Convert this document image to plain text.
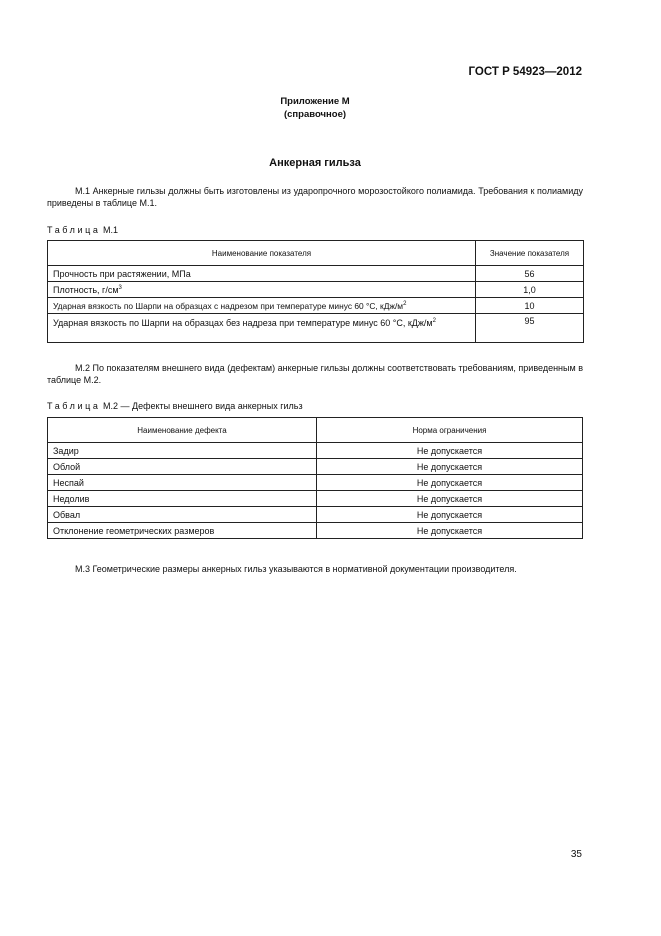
ГОСТ Р 54923—2012
Приложение М
(справочное)
Анкерная гильза
М.1 Анкерные гильзы должны быть изготовлены из ударопрочного морозостойкого полиамида. Требования к полиамиду приведены в таблице М.1.
Таблица М.1
Наименование показателя	Значение показателя
Прочность при растяжении, МПа	56
Плотность, $г/см^3$	1,0
Ударная вязкость по Шарпи на образцах с надрезом при температуре минус 60 °С, кДж/$м^2$	10
Ударная вязкость по Шарпи на образцах без надреза при температуре минус 60 °С, кДж/$м^2$	95
М.2 По показателям внешнего вида (дефектам) анкерные гильзы должны соответствовать требованиям, приведенным в таблице М.2.
Таблица М.2 — Дефекты внешнего вида анкерных гильз
Наименование дефекта	Норма ограничения
Задир	Не допускается
Облой	Не допускается
Неспай	Не допускается
Недолив	Не допускается
Обвал	Не допускается
Отклонение геометрических размеров	Не допускается
М.3 Геометрические размеры анкерных гильз указываются в нормативной документации производителя.
35
